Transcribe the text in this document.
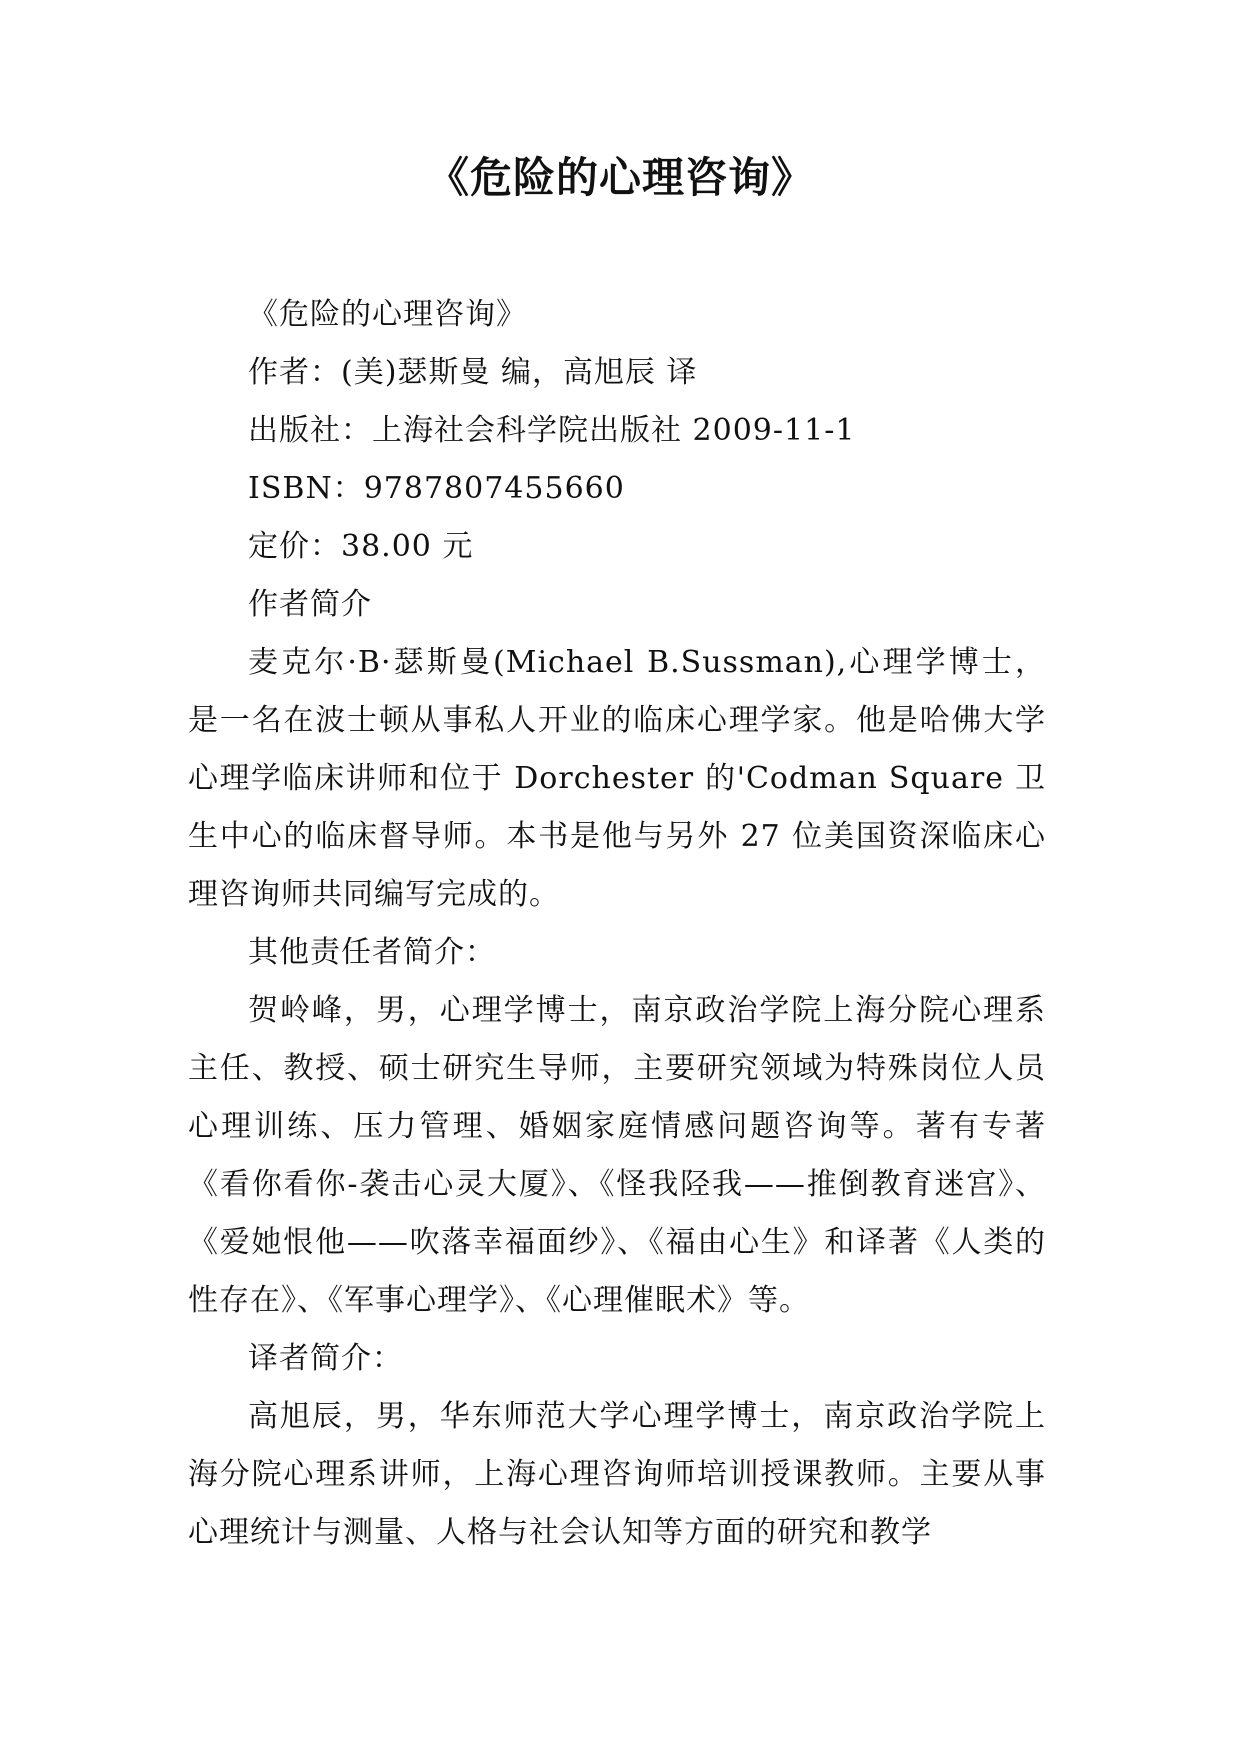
《危险的心理咨询》

《危险的心理咨询》

作者：(美)瑟斯曼 编，高旭辰 译

出版社：上海社会科学院出版社 2009-11-1

ISBN：9787807455660

定价：38.00 元

作者简介

麦克尔·B·瑟斯曼(Michael B.Sussman),心理学博士，是一名在波士顿从事私人开业的临床心理学家。他是哈佛大学心理学临床讲师和位于 Dorchester 的'Codman Square 卫生中心的临床督导师。本书是他与另外 27 位美国资深临床心理咨询师共同编写完成的。

其他责任者简介：

贺岭峰，男，心理学博士，南京政治学院上海分院心理系主任、教授、硕士研究生导师，主要研究领域为特殊岗位人员心理训练、压力管理、婚姻家庭情感问题咨询等。著有专著《看你看你-袭击心灵大厦》、《怪我陉我——推倒教育迷宫》、《爱她恨他——吹落幸福面纱》、《福由心生》和译著《人类的性存在》、《军事心理学》、《心理催眠术》等。

译者简介：

高旭辰，男，华东师范大学心理学博士，南京政治学院上海分院心理系讲师，上海心理咨询师培训授课教师。主要从事心理统计与测量、人格与社会认知等方面的研究和教学
